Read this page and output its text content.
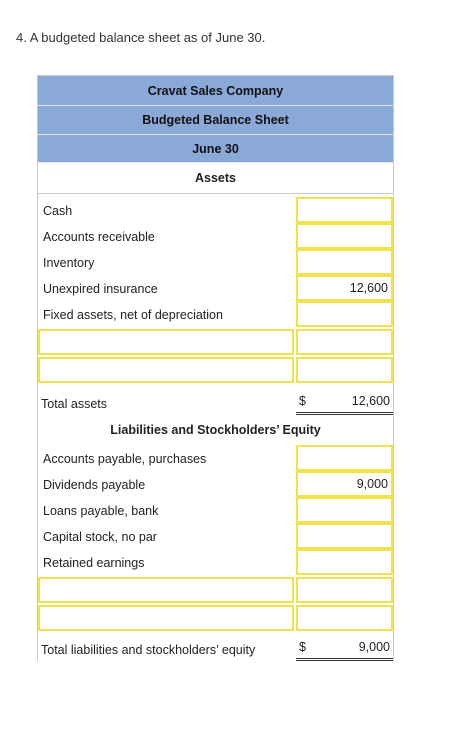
4. A budgeted balance sheet as of June 30.
Cravat Sales Company
Budgeted Balance Sheet
June 30
Assets
Cash
Accounts receivable
Inventory
Unexpired insurance	12,600
Fixed assets, net of depreciation
Total assets	$	12,600
Liabilities and Stockholders’ Equity
Accounts payable, purchases
Dividends payable	9,000
Loans payable, bank
Capital stock, no par
Retained earnings
Total liabilities and stockholders’ equity	$	9,000
